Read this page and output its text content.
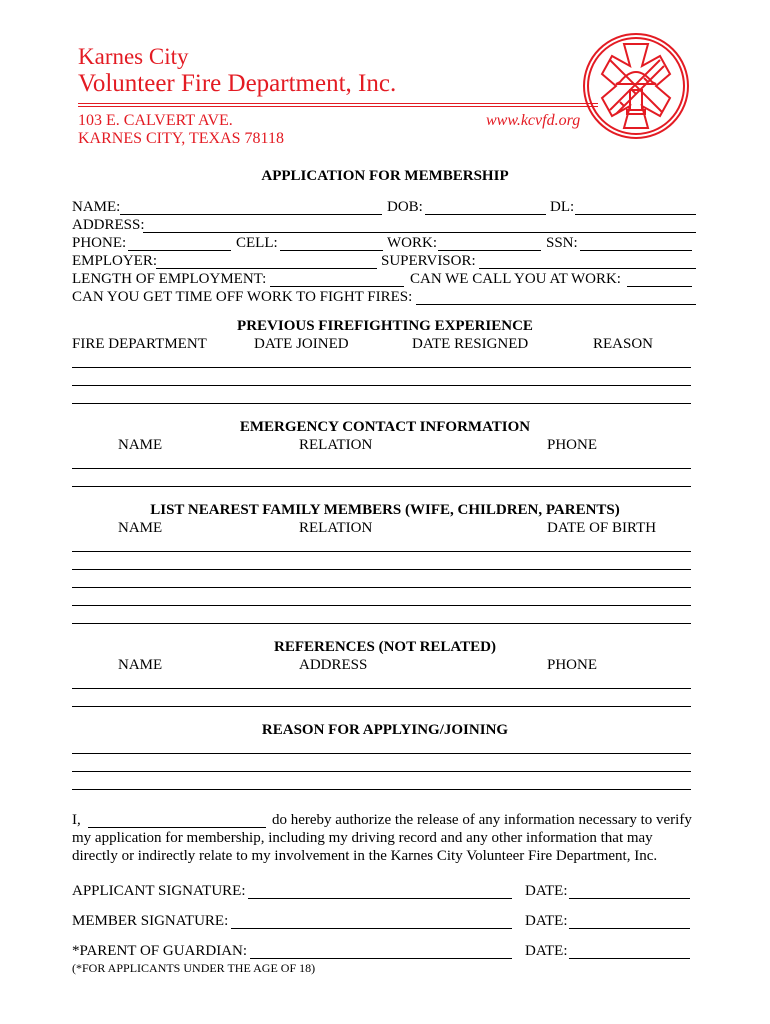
Karnes City
Volunteer Fire Department, Inc.
103 E. CALVERT AVE.
KARNES CITY, TEXAS 78118
www.kcvfd.org
APPLICATION FOR MEMBERSHIP
NAME:	DOB:	DL:
ADDRESS:
PHONE:	CELL:	WORK:	SSN:
EMPLOYER:	SUPERVISOR:
LENGTH OF EMPLOYMENT:	CAN WE CALL YOU AT WORK:
CAN YOU GET TIME OFF WORK TO FIGHT FIRES:
PREVIOUS FIREFIGHTING EXPERIENCE
FIRE DEPARTMENT	DATE JOINED	DATE RESIGNED	REASON
EMERGENCY CONTACT INFORMATION
NAME	RELATION	PHONE
LIST NEAREST FAMILY MEMBERS (WIFE, CHILDREN, PARENTS)
NAME	RELATION	DATE OF BIRTH
REFERENCES (NOT RELATED)
NAME	ADDRESS	PHONE
REASON FOR APPLYING/JOINING
I,	do hereby authorize the release of any information necessary to verify
my application for membership, including my driving record and any other information that may
directly or indirectly relate to my involvement in the Karnes City Volunteer Fire Department, Inc.
APPLICANT SIGNATURE:	DATE:
MEMBER SIGNATURE:	DATE:
*PARENT OF GUARDIAN:	DATE:
(*FOR APPLICANTS UNDER THE AGE OF 18)
